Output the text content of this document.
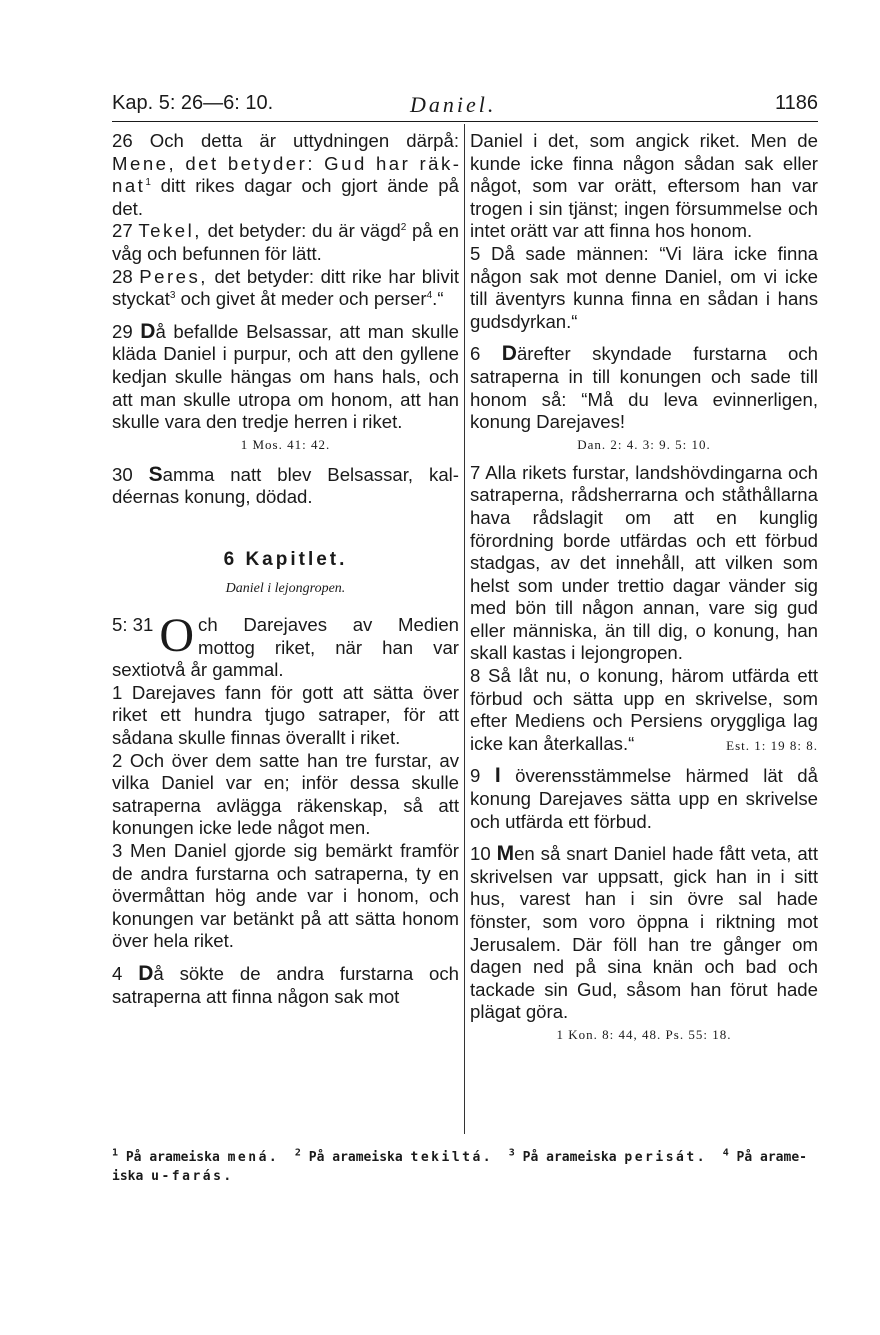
Kap. 5: 26—6: 10.	Daniel.	1186

26 Och detta är uttydningen därpå: Mene, det betyder: Gud har räknat$^1$ ditt rikes dagar och gjort ände på det.

27 Tekel, det betyder: du är vägd$^2$ på en våg och befunnen för lätt.

28 Peres, det betyder: ditt rike har blivit styckat$^3$ och givet åt meder och perser$^4$.“

29 Då befallde Belsassar, att man skulle kläda Daniel i purpur, och att den gyllene kedjan skulle hängas om hans hals, och att man skulle utropa om honom, att han skulle vara den tredje herren i riket.

1 Mos. 41: 42.

30 Samma natt blev Belsassar, kaldéernas konung, dödad.

6 Kapitlet.
Daniel i lejongropen.

5: 31 O ch Darejaves av Medien mottog riket, när han var sextiotvå år gammal.

1 Darejaves fann för gott att sätta över riket ett hundra tjugo satraper, för att sådana skulle finnas överallt i riket.

2 Och över dem satte han tre furstar, av vilka Daniel var en; inför dessa skulle satraperna avlägga räkenskap, så att konungen icke lede något men.

3 Men Daniel gjorde sig bemärkt framför de andra furstarna och satraperna, ty en övermåttan hög ande var i honom, och konungen var betänkt på att sätta honom över hela riket.

4 Då sökte de andra furstarna och satraperna att finna någon sak mot

Daniel i det, som angick riket. Men de kunde icke finna någon sådan sak eller något, som var orätt, eftersom han var trogen i sin tjänst; ingen försummelse och intet orätt var att finna hos honom.

5 Då sade männen: “Vi lära icke finna någon sak mot denne Daniel, om vi icke till äventyrs kunna finna en sådan i hans gudsdyrkan.“

6 Därefter skyndade furstarna och satraperna in till konungen och sade till honom så: “Må du leva evinnerligen, konung Darejaves!

Dan. 2: 4. 3: 9. 5: 10.

7 Alla rikets furstar, landshövdingarna och satraperna, rådsherrarna och ståthållarna hava rådslagit om att en kunglig förordning borde utfärdas och ett förbud stadgas, av det innehåll, att vilken som helst som under trettio dagar vänder sig med bön till någon annan, vare sig gud eller människa, än till dig, o konung, han skall kastas i lejongropen.

8 Så låt nu, o konung, härom utfärda ett förbud och sätta upp en skrivelse, som efter Mediens och Persiens oryggliga lag icke kan återkallas.“	Est. 1: 19 8: 8.

9 I överensstämmelse härmed lät då konung Darejaves sätta upp en skrivelse och utfärda ett förbud.

10 Men så snart Daniel hade fått veta, att skrivelsen var uppsatt, gick han in i sitt hus, varest han i sin övre sal hade fönster, som voro öppna i riktning mot Jerusalem. Där föll han tre gånger om dagen ned på sina knän och bad och tackade sin Gud, såsom han förut hade plägat göra.

1 Kon. 8: 44, 48. Ps. 55: 18.
$^1$ På arameiska mená. $^2$ På arameiska tekiltá. $^3$ På arameiska perisát. $^4$ På arameiska u-farás.
